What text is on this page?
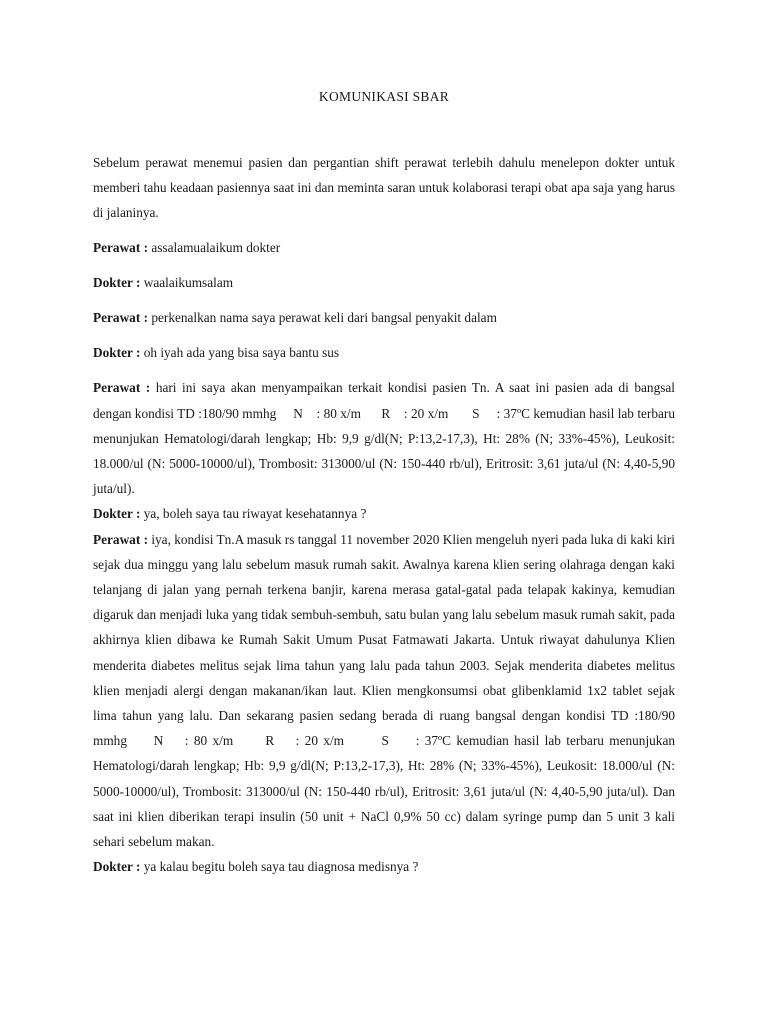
KOMUNIKASI SBAR

Sebelum perawat menemui pasien dan pergantian shift perawat terlebih dahulu menelepon dokter untuk memberi tahu keadaan pasiennya saat ini dan meminta saran untuk kolaborasi terapi obat apa saja yang harus di jalaninya.

Perawat : assalamualaikum dokter

Dokter : waalaikumsalam

Perawat : perkenalkan nama saya perawat keli dari bangsal penyakit dalam

Dokter : oh iyah ada yang bisa saya bantu sus

Perawat : hari ini saya akan menyampaikan terkait kondisi pasien Tn. A saat ini pasien ada di bangsal dengan kondisi TD :180/90 mmhg     N    : 80 x/m      R    : 20 x/m       S     : 37ºC kemudian hasil lab terbaru menunjukan Hematologi/darah lengkap; Hb: 9,9 g/dl(N; P:13,2-17,3), Ht: 28% (N; 33%-45%), Leukosit: 18.000/ul (N: 5000-10000/ul), Trombosit: 313000/ul (N: 150-440 rb/ul), Eritrosit: 3,61 juta/ul (N: 4,40-5,90 juta/ul).

Dokter : ya, boleh saya tau riwayat kesehatannya ?

Perawat : iya, kondisi Tn.A masuk rs tanggal 11 november 2020 Klien mengeluh nyeri pada luka di kaki kiri sejak dua minggu yang lalu sebelum masuk rumah sakit. Awalnya karena klien sering olahraga dengan kaki telanjang di jalan yang pernah terkena banjir, karena merasa gatal-gatal pada telapak kakinya, kemudian digaruk dan menjadi luka yang tidak sembuh-sembuh, satu bulan yang lalu sebelum masuk rumah sakit, pada akhirnya klien dibawa ke Rumah Sakit Umum Pusat Fatmawati Jakarta. Untuk riwayat dahulunya Klien menderita diabetes melitus sejak lima tahun yang lalu pada tahun 2003. Sejak menderita diabetes melitus klien menjadi alergi dengan makanan/ikan laut. Klien mengkonsumsi obat glibenklamid 1x2 tablet sejak lima tahun yang lalu. Dan sekarang pasien sedang berada di ruang bangsal dengan kondisi TD :180/90 mmhg     N    : 80 x/m      R    : 20 x/m       S     : 37ºC kemudian hasil lab terbaru menunjukan Hematologi/darah lengkap; Hb: 9,9 g/dl(N; P:13,2-17,3), Ht: 28% (N; 33%-45%), Leukosit: 18.000/ul (N: 5000-10000/ul), Trombosit: 313000/ul (N: 150-440 rb/ul), Eritrosit: 3,61 juta/ul (N: 4,40-5,90 juta/ul). Dan saat ini klien diberikan terapi insulin (50 unit + NaCl 0,9% 50 cc) dalam syringe pump dan 5 unit 3 kali sehari sebelum makan.

Dokter : ya kalau begitu boleh saya tau diagnosa medisnya ?
